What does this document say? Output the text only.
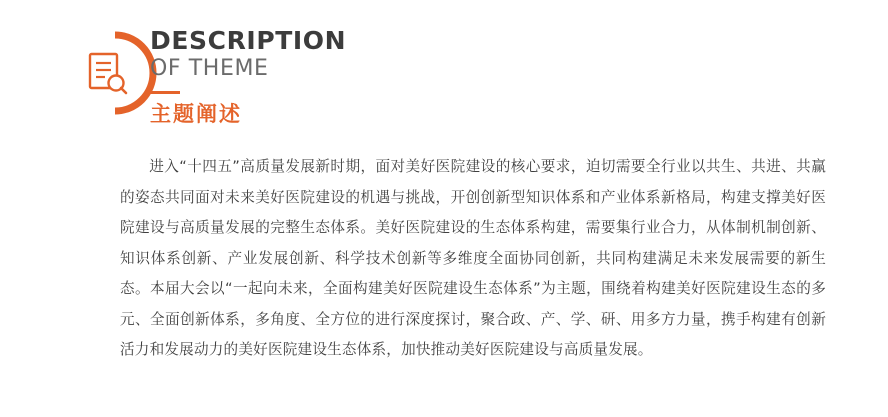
DESCRIPTION
OF THEME
主题阐述
进入“十四五”高质量发展新时期，面对美好医院建设的核心要求，迫切需要全行业以共生、共进、共赢的姿态共同面对未来美好医院建设的机遇与挑战，开创创新型知识体系和产业体系新格局，构建支撑美好医院建设与高质量发展的完整生态体系。美好医院建设的生态体系构建，需要集行业合力，从体制机制创新、知识体系创新、产业发展创新、科学技术创新等多维度全面协同创新，共同构建满足未来发展需要的新生态。本届大会以“一起向未来，全面构建美好医院建设生态体系”为主题，围绕着构建美好医院建设生态的多元、全面创新体系，多角度、全方位的进行深度探讨，聚合政、产、学、研、用多方力量，携手构建有创新活力和发展动力的美好医院建设生态体系，加快推动美好医院建设与高质量发展。
